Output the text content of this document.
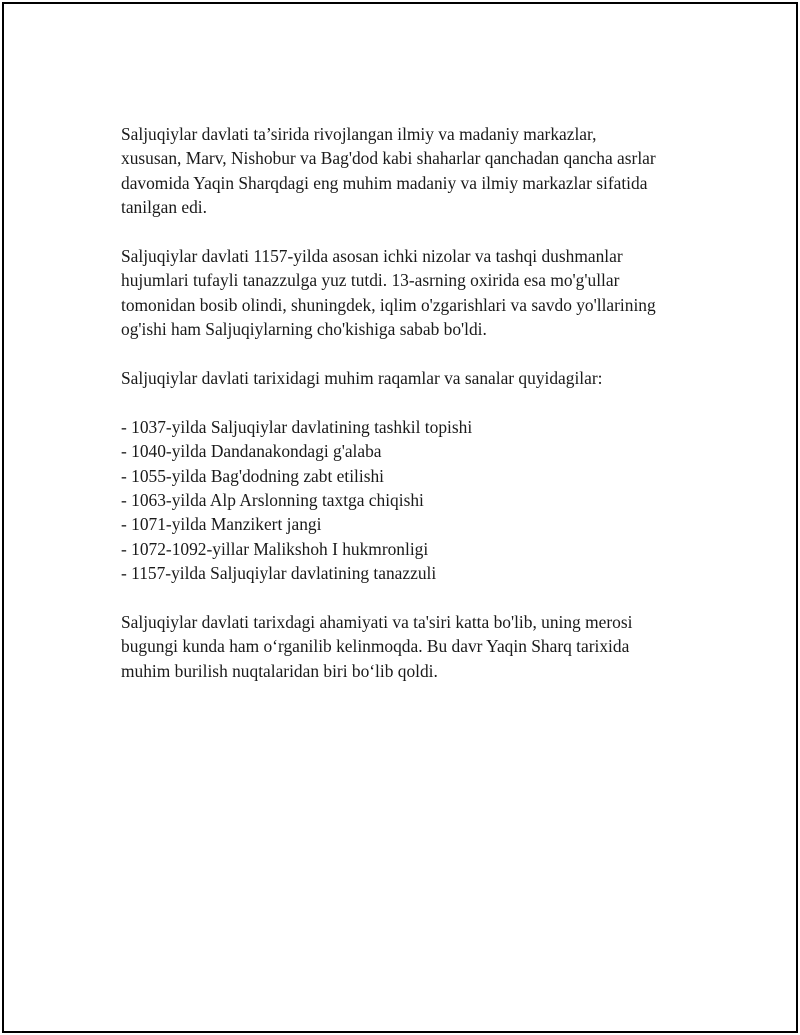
Saljuqiylar davlati ta’sirida rivojlangan ilmiy va madaniy markazlar,
xususan, Marv, Nishobur va Bag'dod kabi shaharlar qanchadan qancha asrlar
davomida Yaqin Sharqdagi eng muhim madaniy va ilmiy markazlar sifatida
tanilgan edi.

Saljuqiylar davlati 1157-yilda asosan ichki nizolar va tashqi dushmanlar
hujumlari tufayli tanazzulga yuz tutdi. 13-asrning oxirida esa mo'g'ullar
tomonidan bosib olindi, shuningdek, iqlim o'zgarishlari va savdo yo'llarining
og'ishi ham Saljuqiylarning cho'kishiga sabab bo'ldi.

Saljuqiylar davlati tarixidagi muhim raqamlar va sanalar quyidagilar:

- 1037-yilda Saljuqiylar davlatining tashkil topishi
- 1040-yilda Dandanakondagi g'alaba
- 1055-yilda Bag'dodning zabt etilishi
- 1063-yilda Alp Arslonning taxtga chiqishi
- 1071-yilda Manzikert jangi
- 1072-1092-yillar Malikshoh I hukmronligi
- 1157-yilda Saljuqiylar davlatining tanazzuli

Saljuqiylar davlati tarixdagi ahamiyati va ta'siri katta bo'lib, uning merosi
bugungi kunda ham o‘rganilib kelinmoqda. Bu davr Yaqin Sharq tarixida
muhim burilish nuqtalaridan biri bo‘lib qoldi.
